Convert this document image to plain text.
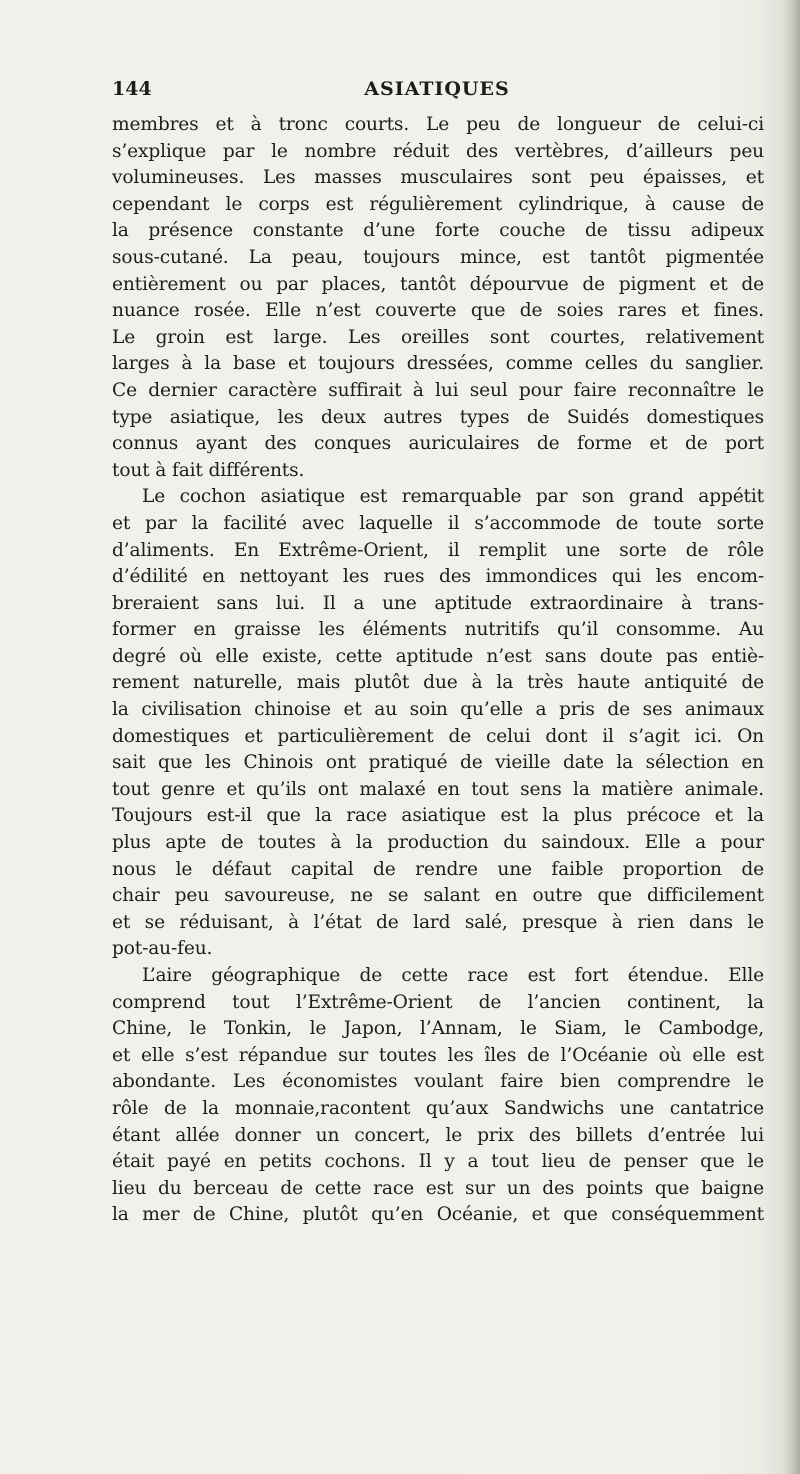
144	ASIATIQUES
membres et à tronc courts. Le peu de longueur de celui-ci
s’explique par le nombre réduit des vertèbres, d’ailleurs peu
volumineuses. Les masses musculaires sont peu épaisses, et
cependant le corps est régulièrement cylindrique, à cause de
la présence constante d’une forte couche de tissu adipeux
sous-cutané. La peau, toujours mince, est tantôt pigmentée
entièrement ou par places, tantôt dépourvue de pigment et de
nuance rosée. Elle n’est couverte que de soies rares et fines.
Le groin est large. Les oreilles sont courtes, relativement
larges à la base et toujours dressées, comme celles du sanglier.
Ce dernier caractère suffirait à lui seul pour faire reconnaître le
type asiatique, les deux autres types de Suidés domestiques
connus ayant des conques auriculaires de forme et de port
tout à fait différents.
Le cochon asiatique est remarquable par son grand appétit
et par la facilité avec laquelle il s’accommode de toute sorte
d’aliments. En Extrême-Orient, il remplit une sorte de rôle
d’édilité en nettoyant les rues des immondices qui les encom-
breraient sans lui. Il a une aptitude extraordinaire à trans-
former en graisse les éléments nutritifs qu’il consomme. Au
degré où elle existe, cette aptitude n’est sans doute pas entiè-
rement naturelle, mais plutôt due à la très haute antiquité de
la civilisation chinoise et au soin qu’elle a pris de ses animaux
domestiques et particulièrement de celui dont il s’agit ici. On
sait que les Chinois ont pratiqué de vieille date la sélection en
tout genre et qu’ils ont malaxé en tout sens la matière animale.
Toujours est-il que la race asiatique est la plus précoce et la
plus apte de toutes à la production du saindoux. Elle a pour
nous le défaut capital de rendre une faible proportion de
chair peu savoureuse, ne se salant en outre que difficilement
et se réduisant, à l’état de lard salé, presque à rien dans le
pot-au-feu.
L’aire géographique de cette race est fort étendue. Elle
comprend tout l’Extrême-Orient de l’ancien continent, la
Chine, le Tonkin, le Japon, l’Annam, le Siam, le Cambodge,
et elle s’est répandue sur toutes les îles de l’Océanie où elle est
abondante. Les économistes voulant faire bien comprendre le
rôle de la monnaie,racontent qu’aux Sandwichs une cantatrice
étant allée donner un concert, le prix des billets d’entrée lui
était payé en petits cochons. Il y a tout lieu de penser que le
lieu du berceau de cette race est sur un des points que baigne
la mer de Chine, plutôt qu’en Océanie, et que conséquemment
